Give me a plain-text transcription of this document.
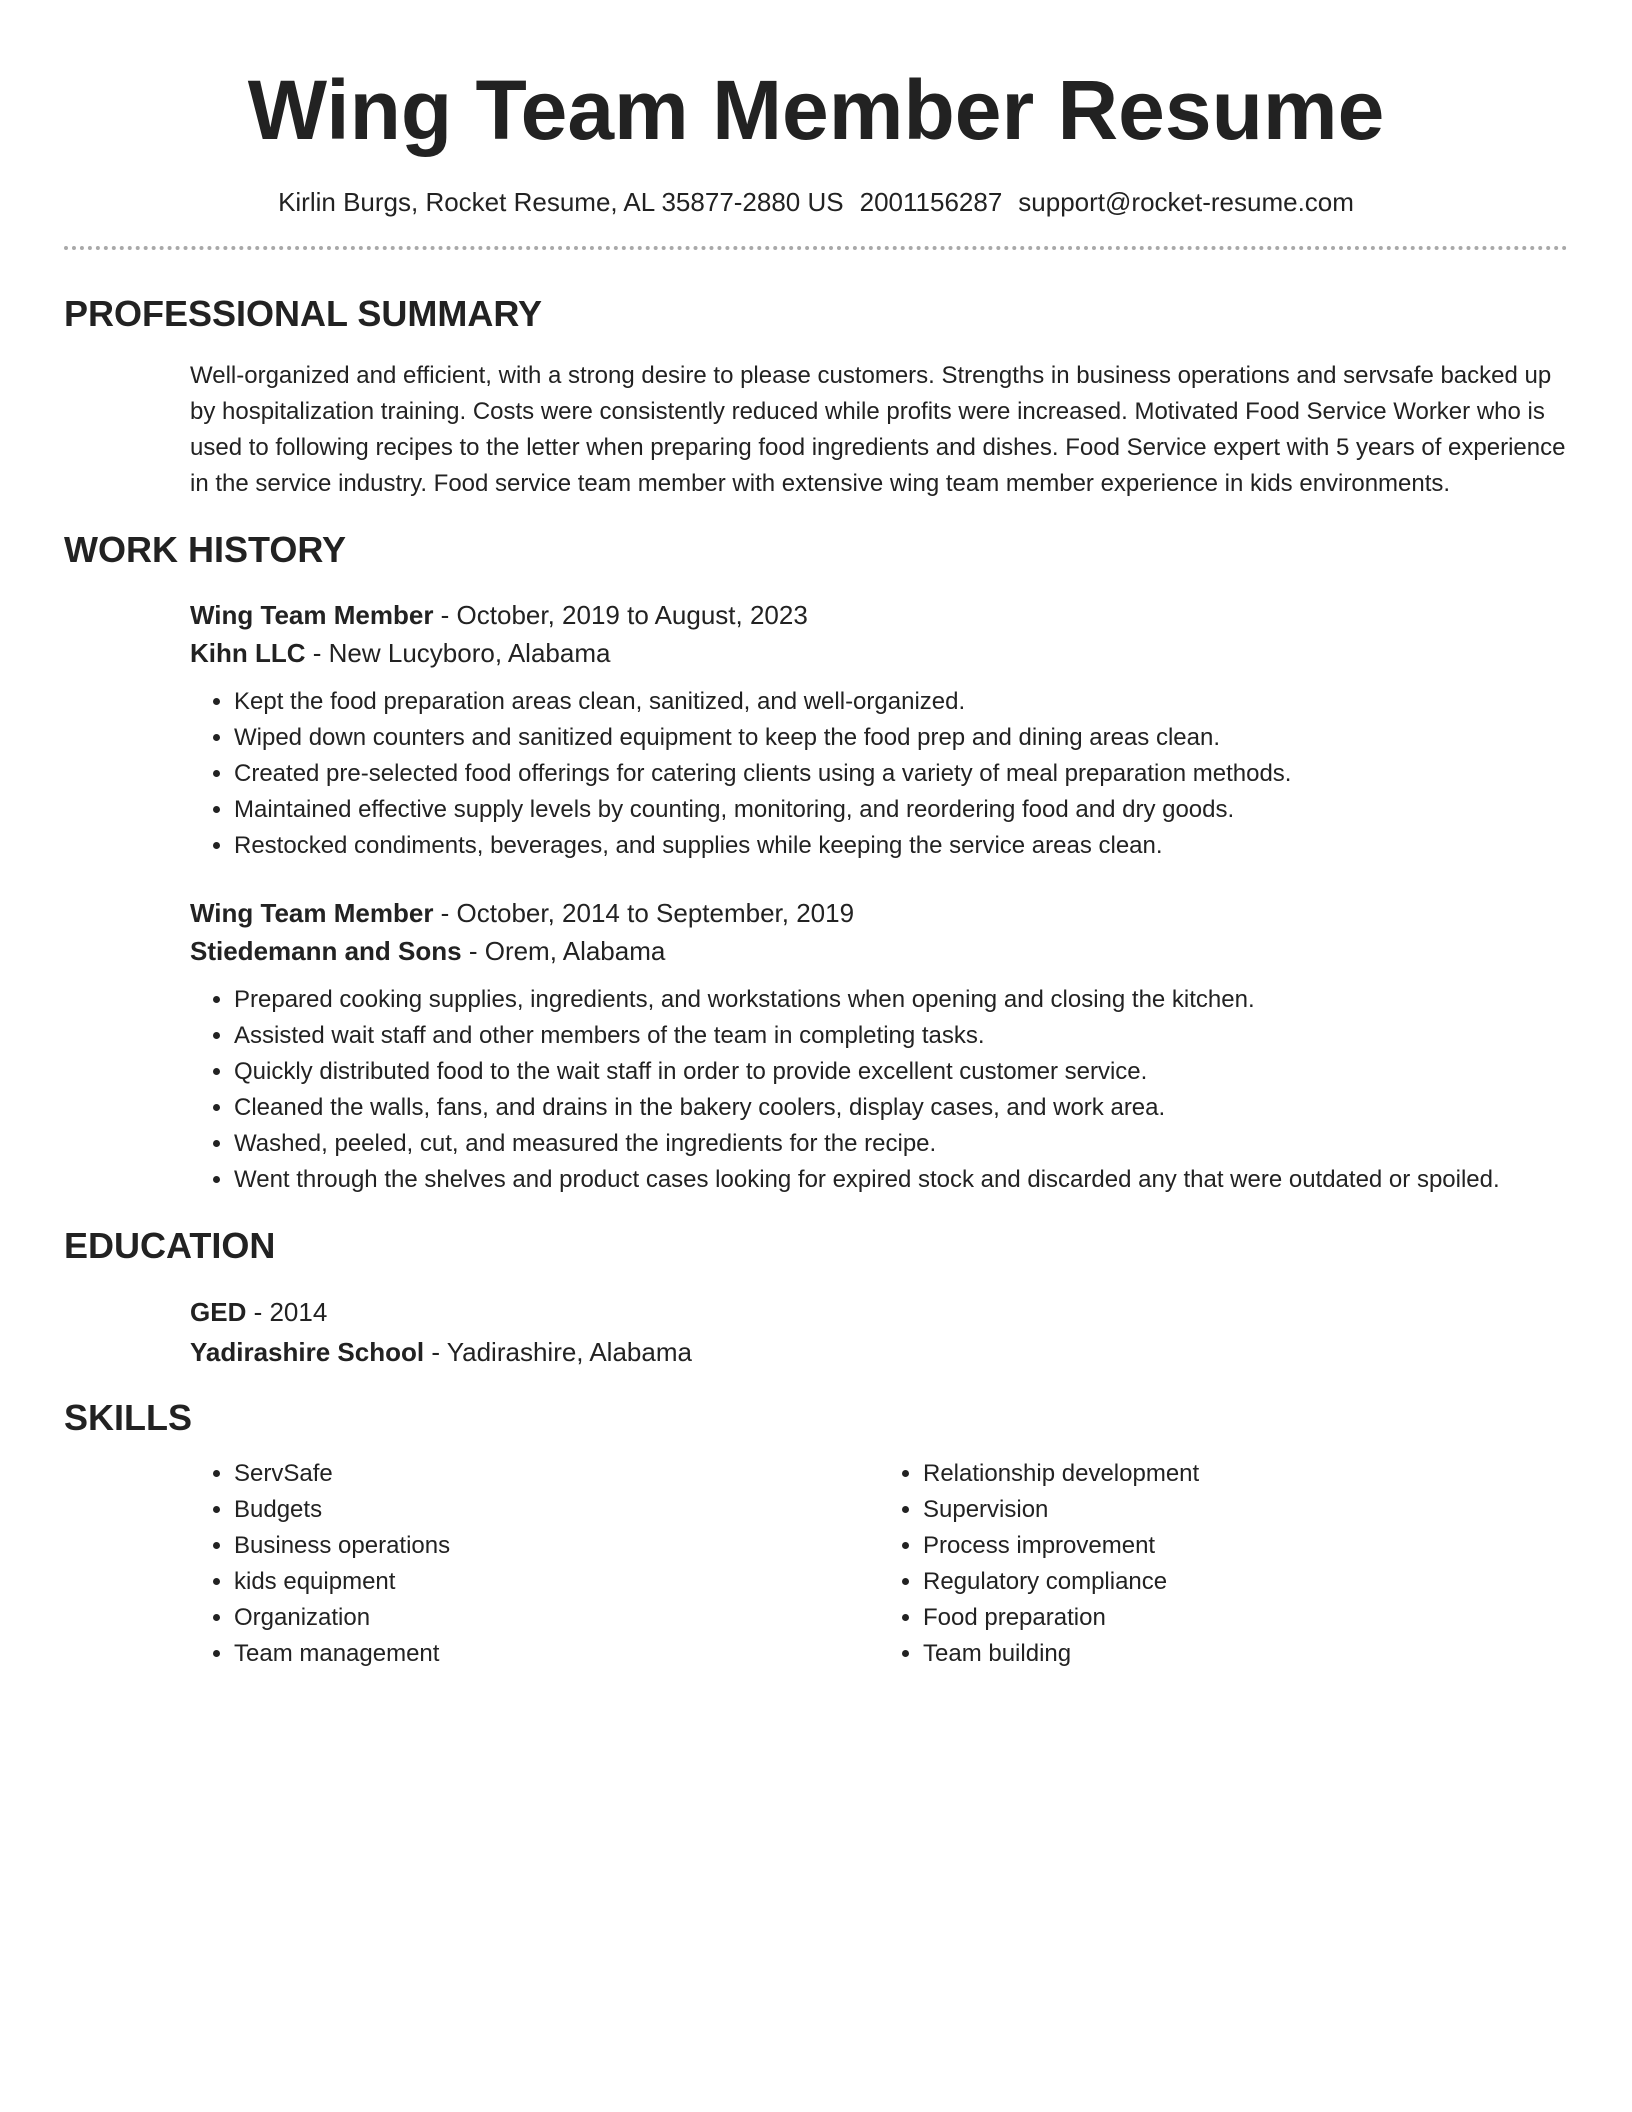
Wing Team Member Resume
Kirlin Burgs, Rocket Resume, AL 35877-2880 US 2001156287 support@rocket-resume.com
PROFESSIONAL SUMMARY
Well-organized and efficient, with a strong desire to please customers. Strengths in business operations and servsafe backed up by hospitalization training. Costs were consistently reduced while profits were increased. Motivated Food Service Worker who is used to following recipes to the letter when preparing food ingredients and dishes. Food Service expert with 5 years of experience in the service industry. Food service team member with extensive wing team member experience in kids environments.
WORK HISTORY
Wing Team Member - October, 2019 to August, 2023
Kihn LLC - New Lucyboro, Alabama
• Kept the food preparation areas clean, sanitized, and well-organized.
• Wiped down counters and sanitized equipment to keep the food prep and dining areas clean.
• Created pre-selected food offerings for catering clients using a variety of meal preparation methods.
• Maintained effective supply levels by counting, monitoring, and reordering food and dry goods.
• Restocked condiments, beverages, and supplies while keeping the service areas clean.
Wing Team Member - October, 2014 to September, 2019
Stiedemann and Sons - Orem, Alabama
• Prepared cooking supplies, ingredients, and workstations when opening and closing the kitchen.
• Assisted wait staff and other members of the team in completing tasks.
• Quickly distributed food to the wait staff in order to provide excellent customer service.
• Cleaned the walls, fans, and drains in the bakery coolers, display cases, and work area.
• Washed, peeled, cut, and measured the ingredients for the recipe.
• Went through the shelves and product cases looking for expired stock and discarded any that were outdated or spoiled.
EDUCATION
GED - 2014
Yadirashire School - Yadirashire, Alabama
SKILLS
• ServSafe
• Budgets
• Business operations
• kids equipment
• Organization
• Team management
• Relationship development
• Supervision
• Process improvement
• Regulatory compliance
• Food preparation
• Team building
